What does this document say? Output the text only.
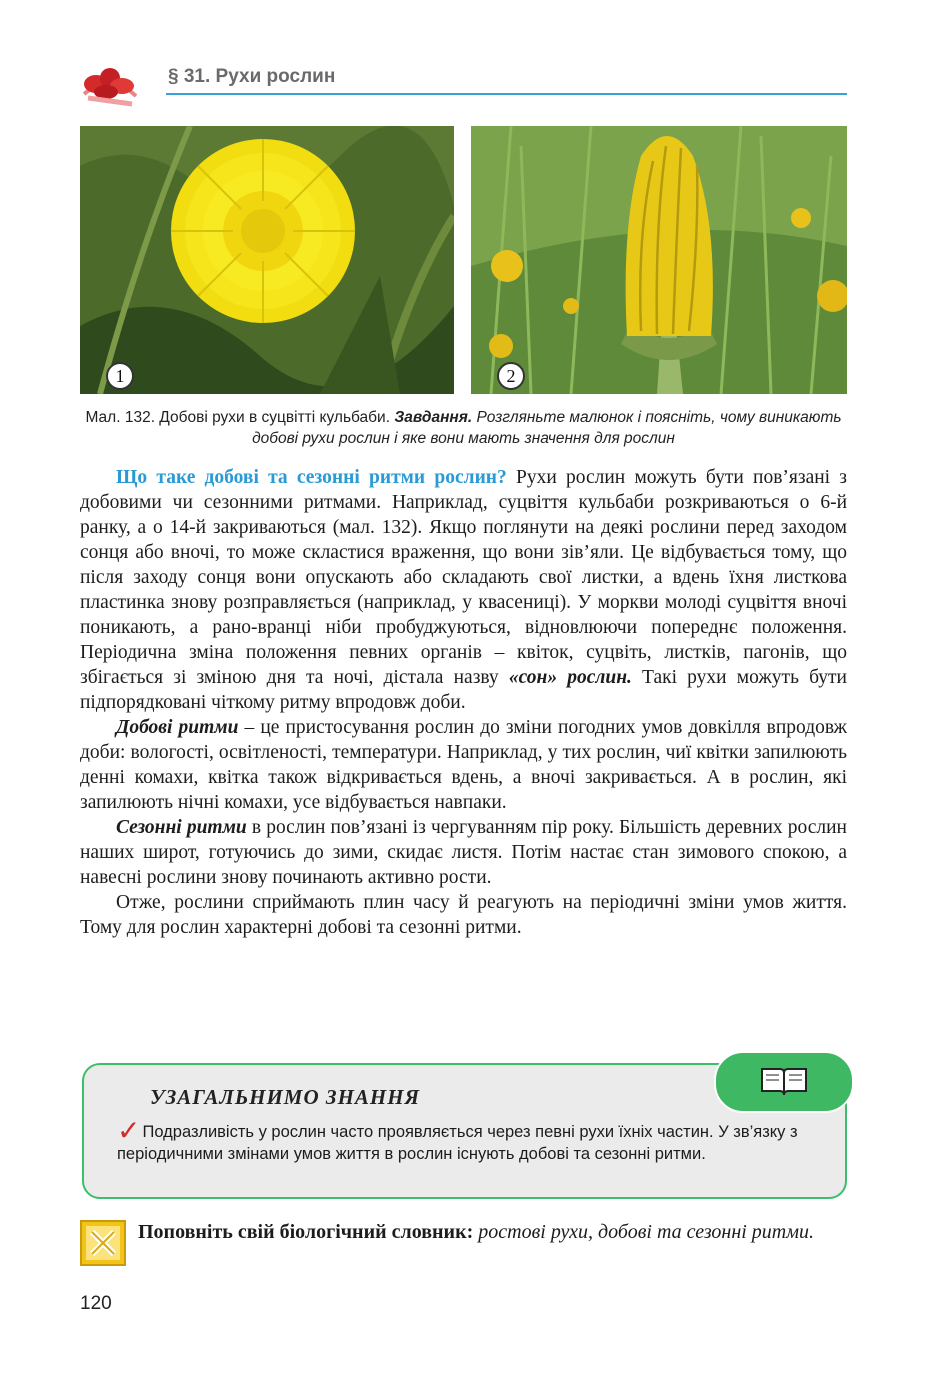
§ 31. Рухи рослин
1	2
Мал. 132. Добові рухи в суцвітті кульбаби. Завдання. Розгляньте малюнок і поясніть, чому виникають добові рухи рослин і яке вони мають значення для рослин

Що таке добові та сезонні ритми рослин? Рухи рослин можуть бути пов’язані з добовими чи сезонними ритмами. Наприклад, суцвіття кульбаби розкриваються о 6-й ранку, а о 14-й закриваються (мал. 132). Якщо поглянути на деякі рослини перед заходом сонця або вночі, то може скластися враження, що вони зів’яли. Це відбувається тому, що після заходу сонця вони опускають або складають свої листки, а вдень їхня листкова пластинка знову розправляється (наприклад, у квасениці). У моркви молоді суцвіття вночі поникають, а рано-вранці ніби пробуджуються, відновлюючи попереднє положення. Періодична зміна положення певних органів – квіток, суцвіть, листків, пагонів, що збігається зі зміною дня та ночі, дістала назву «сон» рослин. Такі рухи можуть бути підпорядковані чіткому ритму впродовж доби.

Добові ритми – це пристосування рослин до зміни погодних умов довкілля впродовж доби: вологості, освітленості, температури. Наприклад, у тих рослин, чиї квітки запилюють денні комахи, квітка також відкривається вдень, а вночі закривається. А в рослин, які запилюють нічні комахи, усе відбувається навпаки.

Сезонні ритми в рослин пов’язані із чергуванням пір року. Більшість деревних рослин наших широт, готуючись до зими, скидає листя. Потім настає стан зимового спокою, а навесні рослини знову починають активно рости.

Отже, рослини сприймають плин часу й реагують на періодичні зміни умов життя. Тому для рослин характерні добові та сезонні ритми.

УЗАГАЛЬНИМО ЗНАННЯ
✓ Подразливість у рослин часто проявляється через певні рухи їхніх частин. У зв’язку з періодичними змінами умов життя в рослин існують добові та сезонні ритми.
Поповніть свій біологічний словник: ростові рухи, добові та сезонні ритми.
120
